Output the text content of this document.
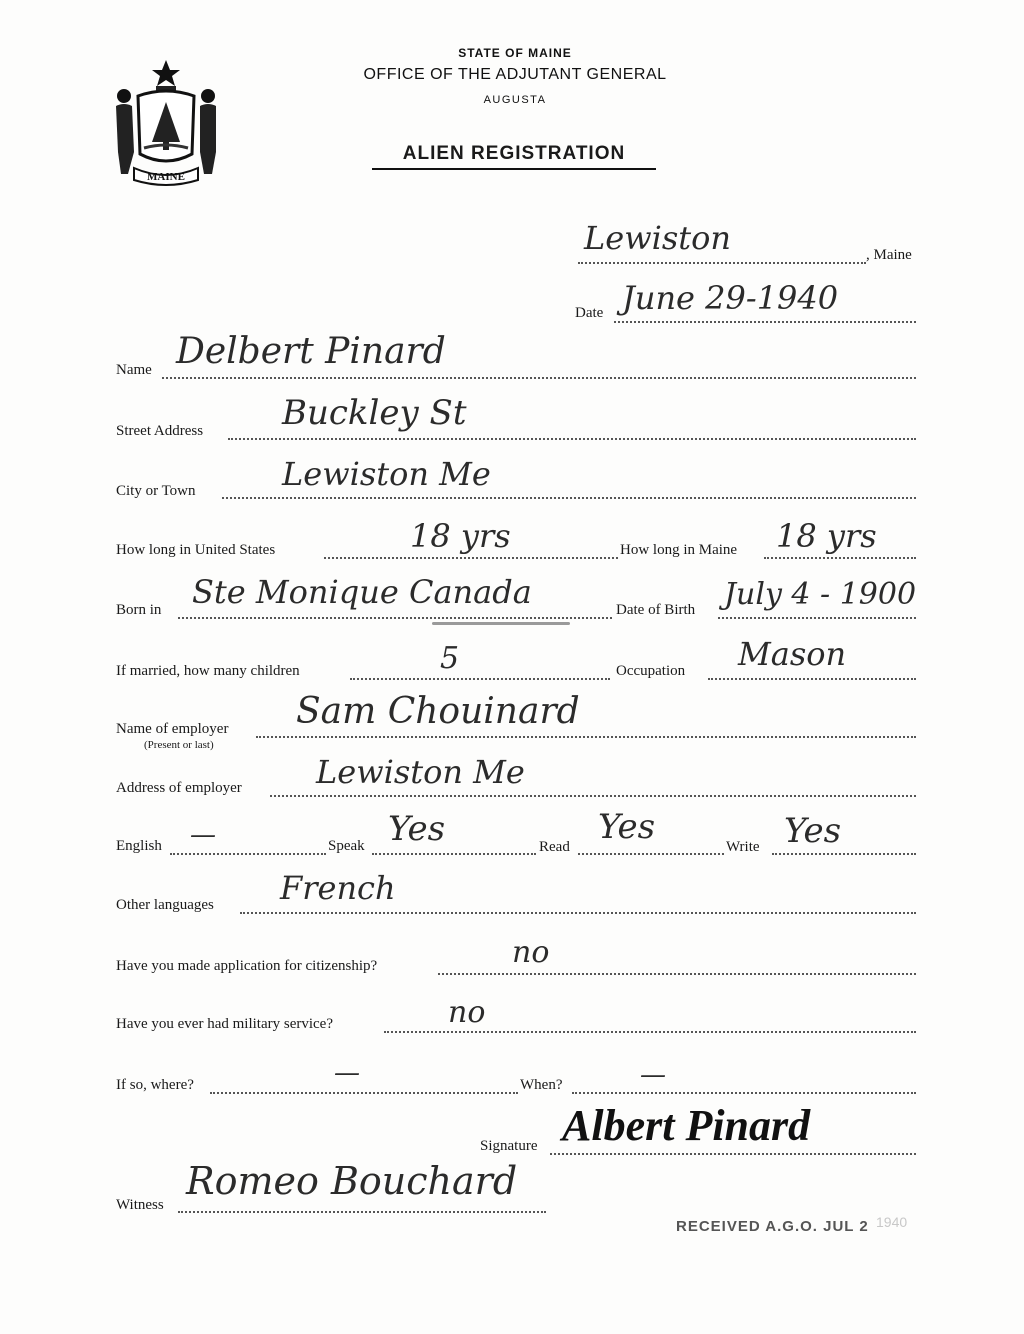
MAINE
STATE OF MAINE
OFFICE OF THE ADJUTANT GENERAL
AUGUSTA
ALIEN REGISTRATION
Lewiston	, Maine
Date June 29-1940
Name Delbert Pinard
Street Address Buckley St
City or Town	Lewiston Me
How long in United States	18 yrs	How long in Maine 18 yrs
Born in Ste Monique Canada	Date of Birth July 4 - 1900
If married, how many children	5	Occupation Mason
Name of employer
(Present or last)
Sam Chouinard
Address of employer Lewiston Me
English —	Speak Yes	Read Yes	Write Yes
Other languages French
Have you made application for citizenship?	no
Have you ever had military service?	no
If so, where?	—	When?	—
Signature Albert Pinard
Witness
Romeo Bouchard
RECEIVED A.G.O. JUL 2 1940
